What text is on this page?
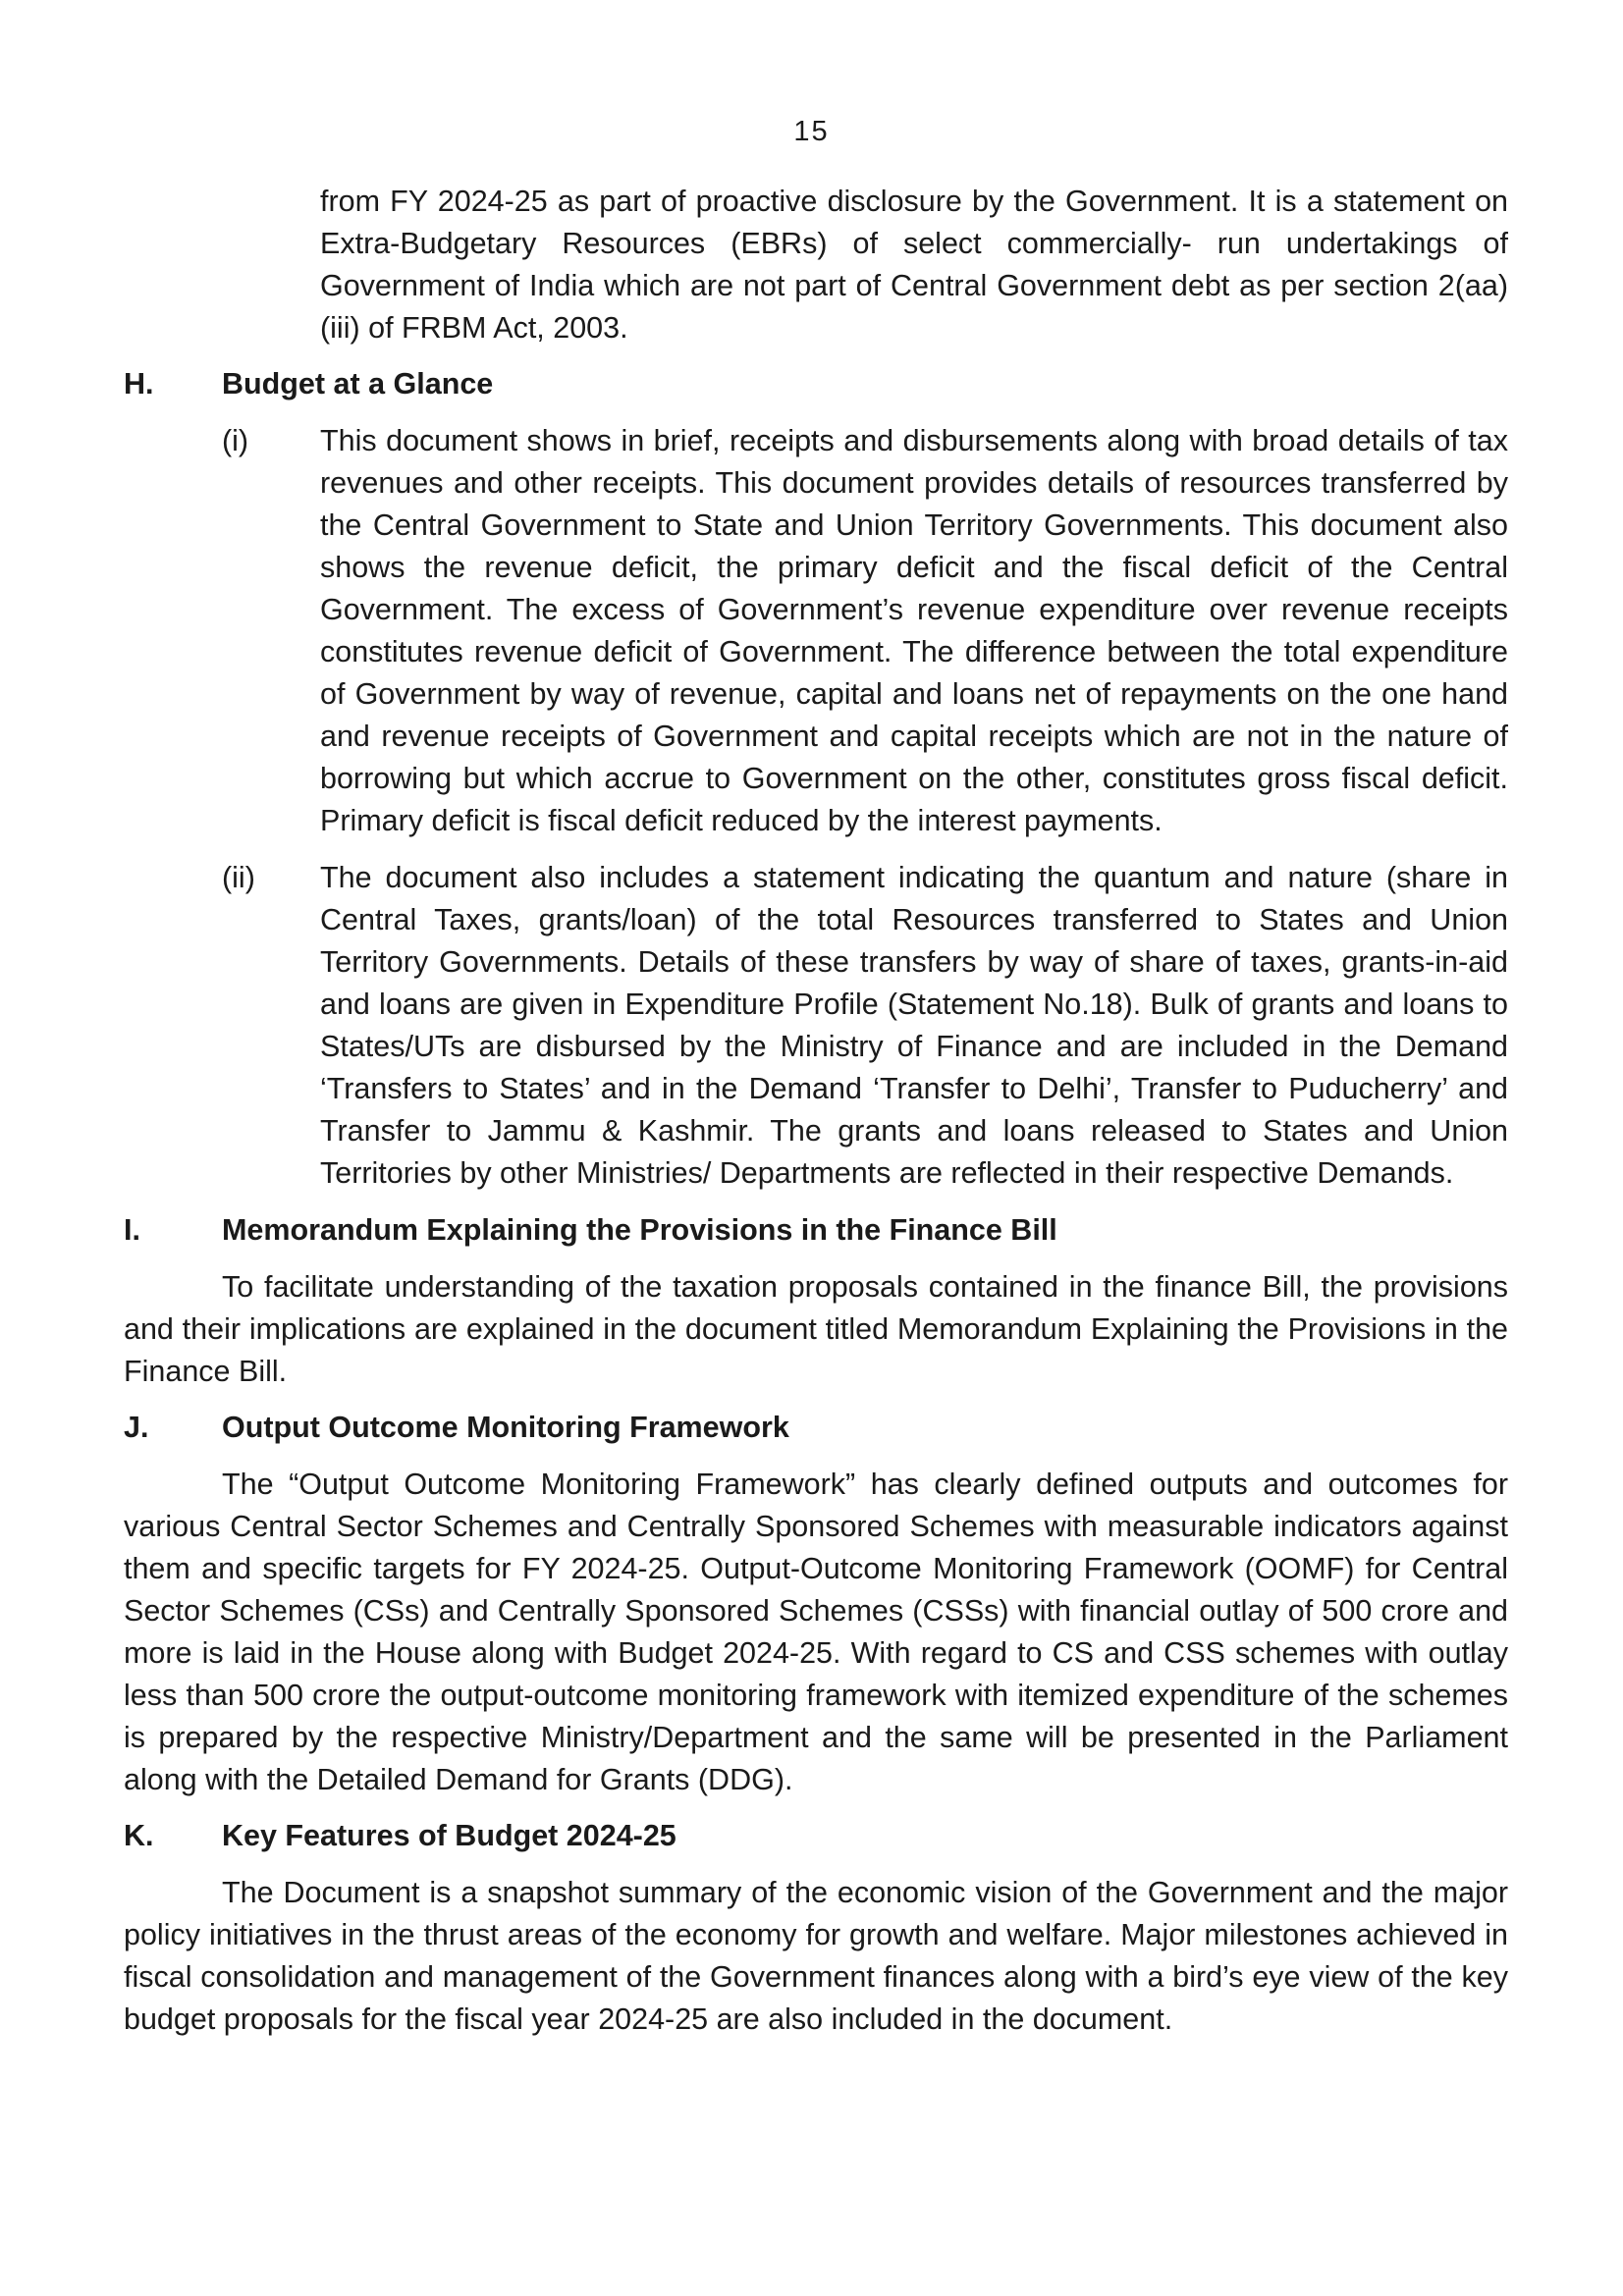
15
from FY 2024-25 as part of proactive disclosure by the Government. It is a statement on Extra-Budgetary Resources (EBRs) of select commercially- run undertakings of Government of India which are not part of Central Government debt as per section 2(aa) (iii) of FRBM Act, 2003.
H.	Budget at a Glance
(i)	This document shows in brief, receipts and disbursements along with broad details of tax revenues and other receipts. This document provides details of resources transferred by the Central Government to State and Union Territory Governments. This document also shows the revenue deficit, the primary deficit and the fiscal deficit of the Central Government. The excess of Government’s revenue expenditure over revenue receipts constitutes revenue deficit of Government. The difference between the total expenditure of Government by way of revenue, capital and loans net of repayments on the one hand and revenue receipts of Government and capital receipts which are not in the nature of borrowing but which accrue to Government on the other, constitutes gross fiscal deficit. Primary deficit is fiscal deficit reduced by the interest payments.
(ii)	The document also includes a statement indicating the quantum and nature (share in Central Taxes, grants/loan) of the total Resources transferred to States and Union Territory Governments. Details of these transfers by way of share of taxes, grants-in-aid and loans are given in Expenditure Profile (Statement No.18). Bulk of grants and loans to States/UTs are disbursed by the Ministry of Finance and are included in the Demand ‘Transfers to States’ and in the Demand ‘Transfer to Delhi’, Transfer to Puducherry’ and Transfer to Jammu & Kashmir. The grants and loans released to States and Union Territories by other Ministries/ Departments are reflected in their respective Demands.
I.	Memorandum Explaining the Provisions in the Finance Bill

To facilitate understanding of the taxation proposals contained in the finance Bill, the provisions and their implications are explained in the document titled Memorandum Explaining the Provisions in the Finance Bill.

J.	Output Outcome Monitoring Framework

The “Output Outcome Monitoring Framework” has clearly defined outputs and outcomes for various Central Sector Schemes and Centrally Sponsored Schemes with measurable indicators against them and specific targets for FY 2024-25. Output-Outcome Monitoring Framework (OOMF) for Central Sector Schemes (CSs) and Centrally Sponsored Schemes (CSSs) with financial outlay of 500 crore and more is laid in the House along with Budget 2024-25. With regard to CS and CSS schemes with outlay less than 500 crore the output-outcome monitoring framework with itemized expenditure of the schemes is prepared by the respective Ministry/Department and the same will be presented in the Parliament along with the Detailed Demand for Grants (DDG).

K.	Key Features of Budget 2024-25

The Document is a snapshot summary of the economic vision of the Government and the major policy initiatives in the thrust areas of the economy for growth and welfare. Major milestones achieved in fiscal consolidation and management of the Government finances along with a bird’s eye view of the key budget proposals for the fiscal year 2024-25 are also included in the document.
